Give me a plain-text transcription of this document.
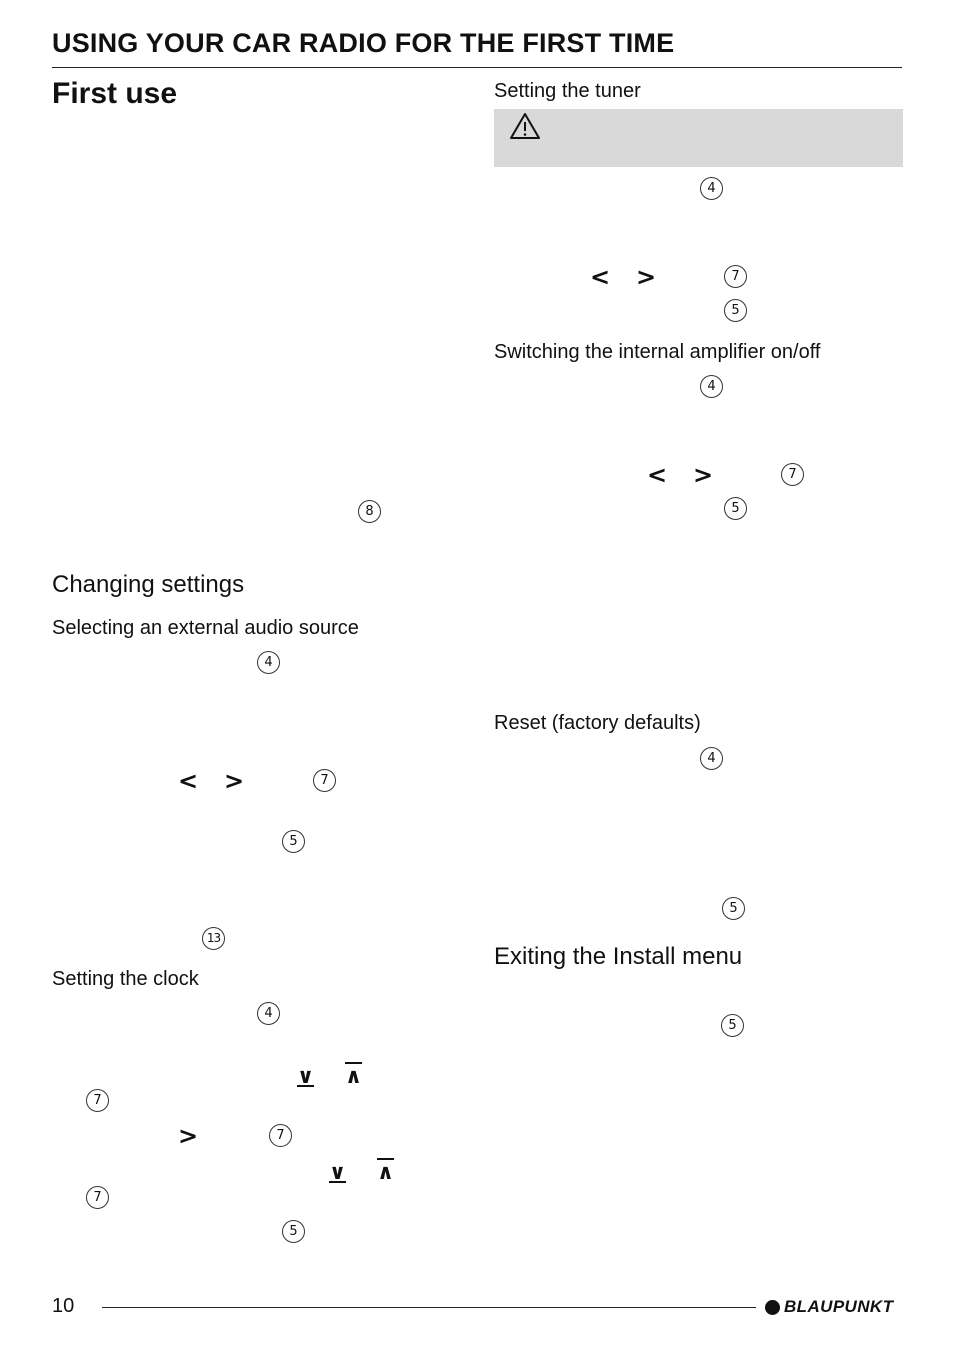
USING YOUR CAR RADIO FOR THE FIRST TIME
First use
8
Changing settings
Selecting an external audio source
4
< >	7
5
13
Setting the clock
4
∨ ∧
7
>	7
∨ ∧
7
5
Setting the tuner
4
< >	7
5
Switching the internal amplifier on/off
4
< >	7
5
Reset (factory defaults)
4
5
Exiting the Install menu
5
10	BLAUPUNKT
